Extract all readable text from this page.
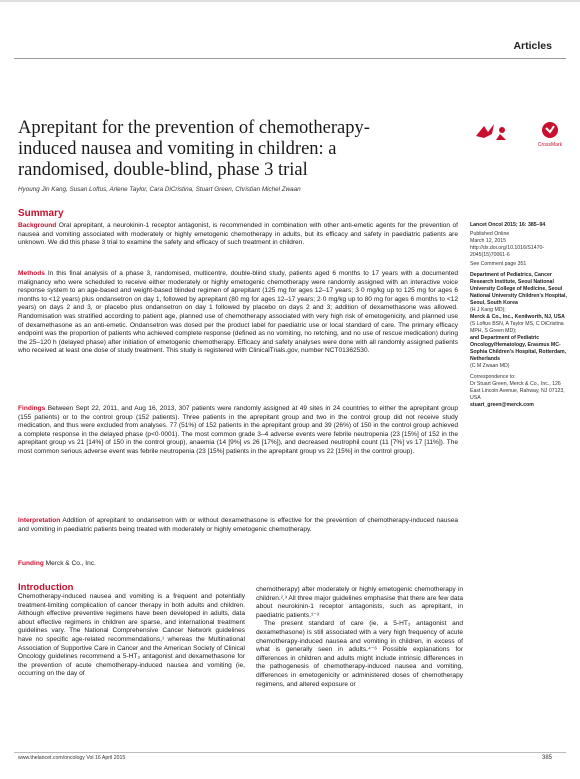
Articles
CrossMark
Aprepitant for the prevention of chemotherapy-induced nausea and vomiting in children: a randomised, double-blind, phase 3 trial
Hyoung Jin Kang, Susan Loftus, Arlene Taylor, Cara DiCristina, Stuart Green, Christian Michel Zwaan
Summary
Background Oral aprepitant, a neurokinin-1 receptor antagonist, is recommended in combination with other anti-emetic agents for the prevention of nausea and vomiting associated with moderately or highly emetogenic chemotherapy in adults, but its efficacy and safety in paediatric patients are unknown. We did this phase 3 trial to examine the safety and efficacy of such treatment in children.
Methods In this final analysis of a phase 3, randomised, multicentre, double-blind study, patients aged 6 months to 17 years with a documented malignancy who were scheduled to receive either moderately or highly emetogenic chemotherapy were randomly assigned with an interactive voice response system to an age-based and weight-based blinded regimen of aprepitant (125 mg for ages 12–17 years; 3·0 mg/kg up to 125 mg for ages 6 months to <12 years) plus ondansetron on day 1, followed by aprepitant (80 mg for ages 12–17 years; 2·0 mg/kg up to 80 mg for ages 6 months to <12 years) on days 2 and 3, or placebo plus ondansetron on day 1 followed by placebo on days 2 and 3; addition of dexamethasone was allowed. Randomisation was stratified according to patient age, planned use of chemotherapy associated with very high risk of emetogenicity, and planned use of dexamethasone as an anti-emetic. Ondansetron was dosed per the product label for paediatric use or local standard of care. The primary efficacy endpoint was the proportion of patients who achieved complete response (defined as no vomiting, no retching, and no use of rescue medication) during the 25–120 h (delayed phase) after initiation of emetogenic chemotherapy. Efficacy and safety analyses were done with all randomly assigned patients who received at least one dose of study treatment. This study is registered with ClinicalTrials.gov, number NCT01362530.
Findings Between Sept 22, 2011, and Aug 16, 2013, 307 patients were randomly assigned at 49 sites in 24 countries to either the aprepitant group (155 patients) or to the control group (152 patients). Three patients in the aprepitant group and two in the control group did not receive study medication, and thus were excluded from analyses. 77 (51%) of 152 patients in the aprepitant group and 39 (26%) of 150 in the control group achieved a complete response in the delayed phase (p<0·0001). The most common grade 3–4 adverse events were febrile neutropenia (23 [15%] of 152 in the aprepitant group vs 21 [14%] of 150 in the control group), anaemia (14 [9%] vs 26 [17%]), and decreased neutrophil count (11 [7%] vs 17 [11%]). The most common serious adverse event was febrile neutropenia (23 [15%] patients in the aprepitant group vs 22 [15%] in the control group).
Interpretation Addition of aprepitant to ondansetron with or without dexamethasone is effective for the prevention of chemotherapy-induced nausea and vomiting in paediatric patients being treated with moderately or highly emetogenic chemotherapy.
Funding Merck & Co., Inc.
Lancet Oncol 2015; 16: 385–94
Published Online
March 12, 2015
http://dx.doi.org/10.1016/S1470-2045(15)70061-6
See Comment page 351
Department of Pediatrics, Cancer Research Institute, Seoul National University College of Medicine, Seoul National University Children's Hospital, Seoul, South Korea
(H J Kang MD);
Merck & Co., Inc., Kenilworth, NJ, USA
(S Loftus BSN, A Taylor MS, C DiCristina MPH, S Green MD);
and Department of Pediatric Oncology/Hematology, Erasmus MC-Sophia Children's Hospital, Rotterdam, Netherlands
(C M Zwaan MD)
Correspondence to:
Dr Stuart Green, Merck & Co., Inc., 126 East Lincoln Avenue, Rahway, NJ 07123, USA
stuart_green@merck.com
Introduction
Chemotherapy-induced nausea and vomiting is a frequent and potentially treatment-limiting complication of cancer therapy in both adults and children. Although effective preventive regimens have been developed in adults, data about effective regimens in children are sparse, and international treatment guidelines vary. The National Comprehensive Cancer Network guidelines have no specific age-related recommendations,¹ whereas the Multinational Association of Supportive Care in Cancer and the American Society of Clinical Oncology guidelines recommend a 5-HT₃ antagonist and dexamethasone for the prevention of acute chemotherapy-induced nausea and vomiting (ie, occurring on the day of
chemotherapy) after moderately or highly emetogenic chemotherapy in children.²,³ All three major guidelines emphasise that there are few data about neurokinin-1 receptor antagonists, such as aprepitant, in paediatric patients.¹⁻³
The present standard of care (ie, a 5-HT₃ antagonist and dexamethasone) is still associated with a very high frequency of acute chemotherapy-induced nausea and vomiting in children, in excess of what is generally seen in adults.⁴⁻⁶ Possible explanations for differences in children and adults might include intrinsic differences in the pathogenesis of chemotherapy-induced nausea and vomiting, differences in emetogenicity or administered doses of chemotherapy regimens, and altered exposure or
www.thelancet.com/oncology Vol 16 April 2015	385
